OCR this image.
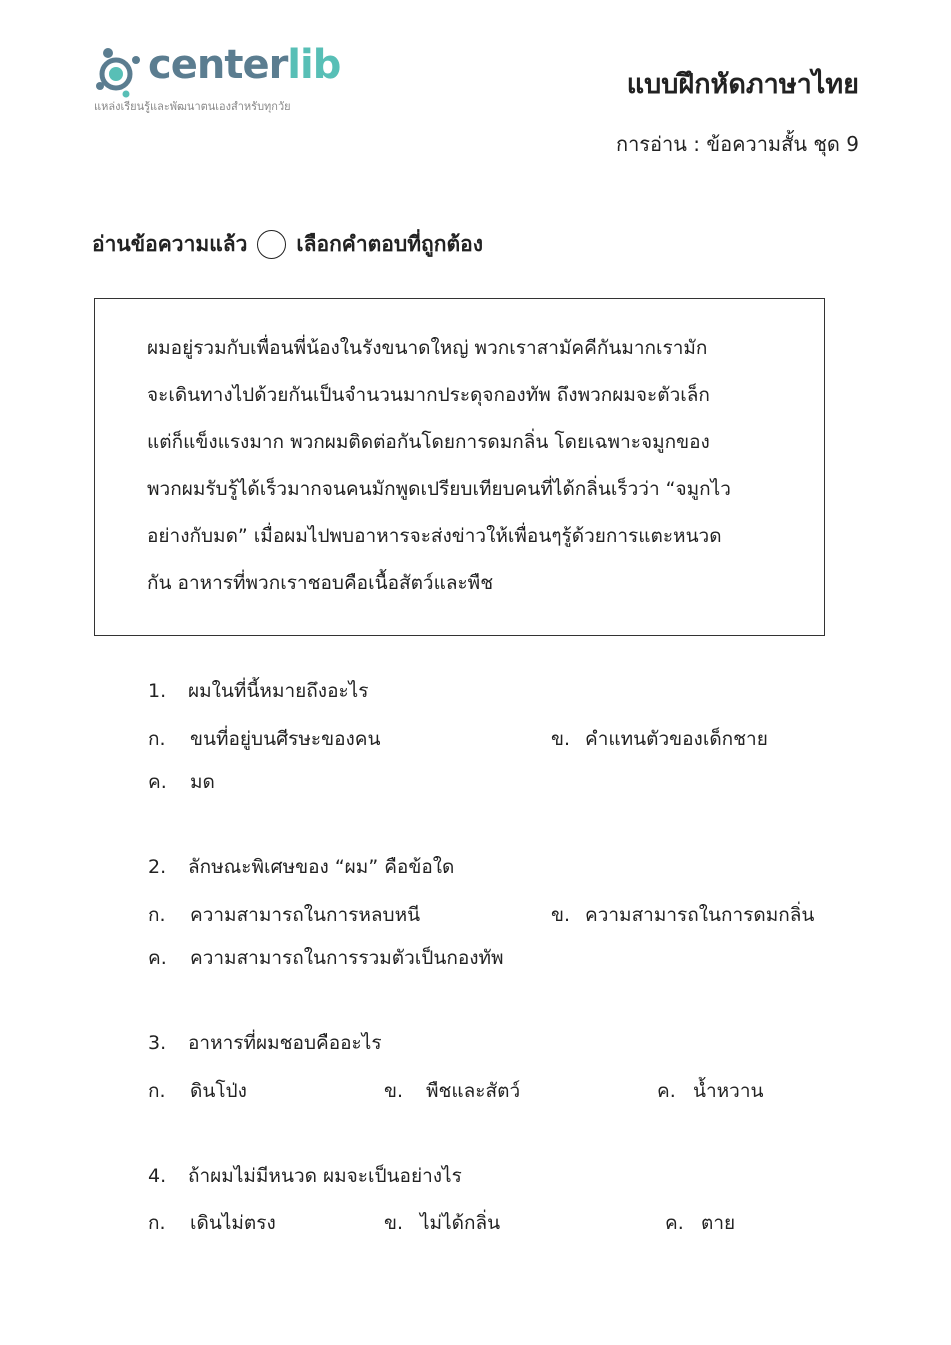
centerlib
แหล่งเรียนรู้และพัฒนาตนเองสำหรับทุกวัย
แบบฝึกหัดภาษาไทย
การอ่าน : ข้อความสั้น ชุด 9
อ่านข้อความแล้ว เลือกคำตอบที่ถูกต้อง
ผมอยู่รวมกับเพื่อนพี่น้องในรังขนาดใหญ่ พวกเราสามัคคีกันมากเรามัก
จะเดินทางไปด้วยกันเป็นจำนวนมากประดุจกองทัพ ถึงพวกผมจะตัวเล็ก
แต่ก็แข็งแรงมาก พวกผมติดต่อกันโดยการดมกลิ่น โดยเฉพาะจมูกของ
พวกผมรับรู้ได้เร็วมากจนคนมักพูดเปรียบเทียบคนที่ได้กลิ่นเร็วว่า “จมูกไว
อย่างกับมด” เมื่อผมไปพบอาหารจะส่งข่าวให้เพื่อนๆรู้ด้วยการแตะหนวด
กัน อาหารที่พวกเราชอบคือเนื้อสัตว์และพืช
1. ผมในที่นี้หมายถึงอะไร
ก. ขนที่อยู่บนศีรษะของคน	ข. คำแทนตัวของเด็กชาย
ค. มด
2. ลักษณะพิเศษของ “ผม” คือข้อใด
ก. ความสามารถในการหลบหนี	ข. ความสามารถในการดมกลิ่น
ค. ความสามารถในการรวมตัวเป็นกองทัพ
3. อาหารที่ผมชอบคืออะไร
ก. ดินโป่ง	ข. พืชและสัตว์	ค. น้ำหวาน
4. ถ้าผมไม่มีหนวด ผมจะเป็นอย่างไร
ก. เดินไม่ตรง	ข. ไม่ได้กลิ่น	ค. ตาย
